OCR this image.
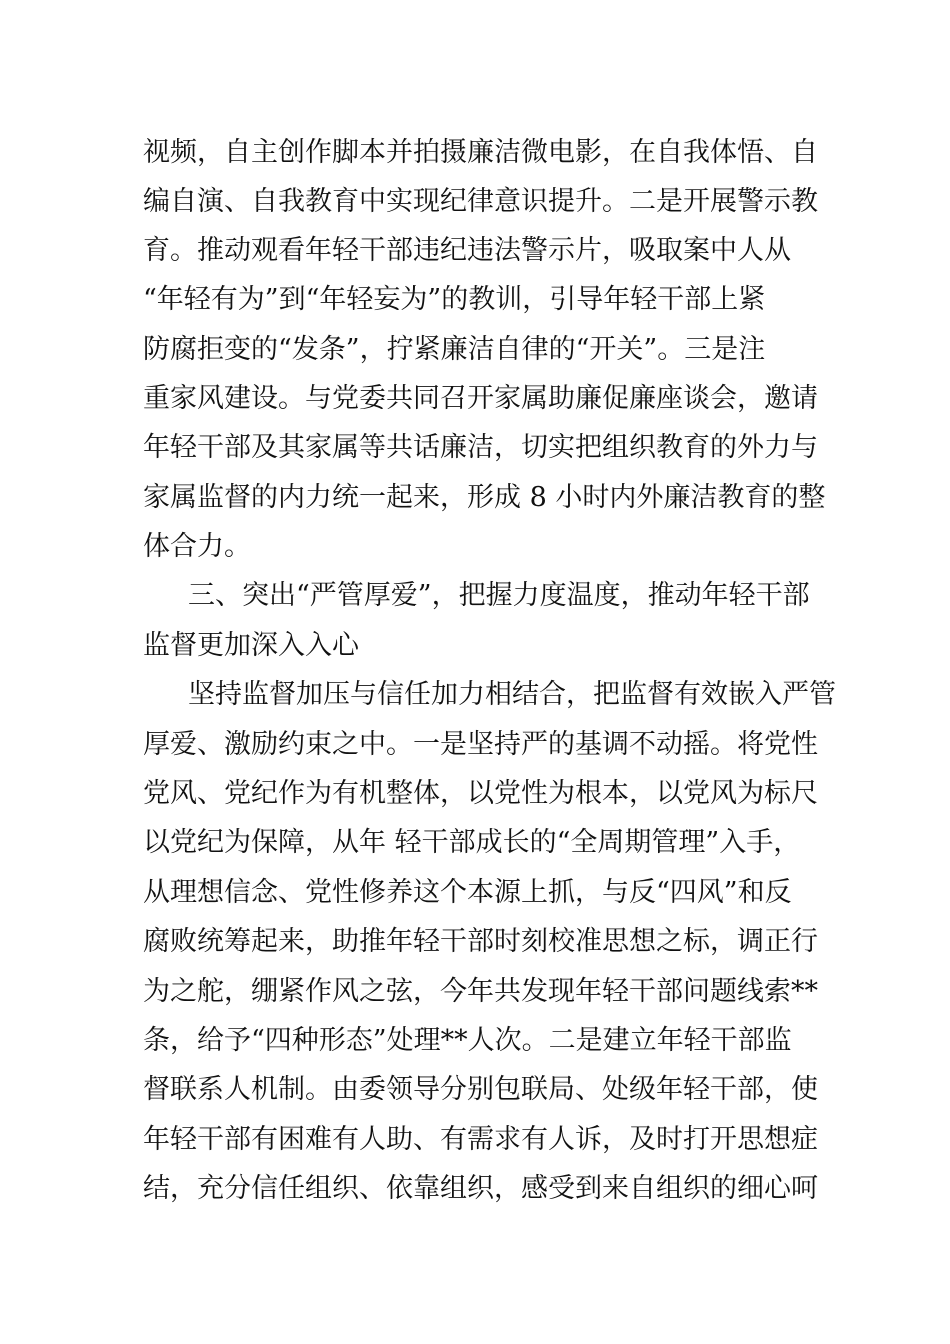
视频，自主创作脚本并拍摄廉洁微电影，在自我体悟、自
编自演、自我教育中实现纪律意识提升。二是开展警示教
育。推动观看年轻干部违纪违法警示片，吸取案中人从
“年轻有为”到“年轻妄为”的教训，引导年轻干部上紧
防腐拒变的“发条”，拧紧廉洁自律的“开关”。三是注
重家风建设。与党委共同召开家属助廉促廉座谈会，邀请
年轻干部及其家属等共话廉洁，切实把组织教育的外力与
家属监督的内力统一起来，形成 8 小时内外廉洁教育的整
体合力。
三、突出“严管厚爱”，把握力度温度，推动年轻干部
监督更加深入入心
坚持监督加压与信任加力相结合，把监督有效嵌入严管
厚爱、激励约束之中。一是坚持严的基调不动摇。将党性
党风、党纪作为有机整体，以党性为根本，以党风为标尺
以党纪为保障，从年 轻干部成长的“全周期管理”入手，
从理想信念、党性修养这个本源上抓，与反“四风”和反
腐败统筹起来，助推年轻干部时刻校准思想之标，调正行
为之舵，绷紧作风之弦，今年共发现年轻干部问题线索**
条，给予“四种形态”处理**人次。二是建立年轻干部监
督联系人机制。由委领导分别包联局、处级年轻干部，使
年轻干部有困难有人助、有需求有人诉，及时打开思想症
结，充分信任组织、依靠组织，感受到来自组织的细心呵
